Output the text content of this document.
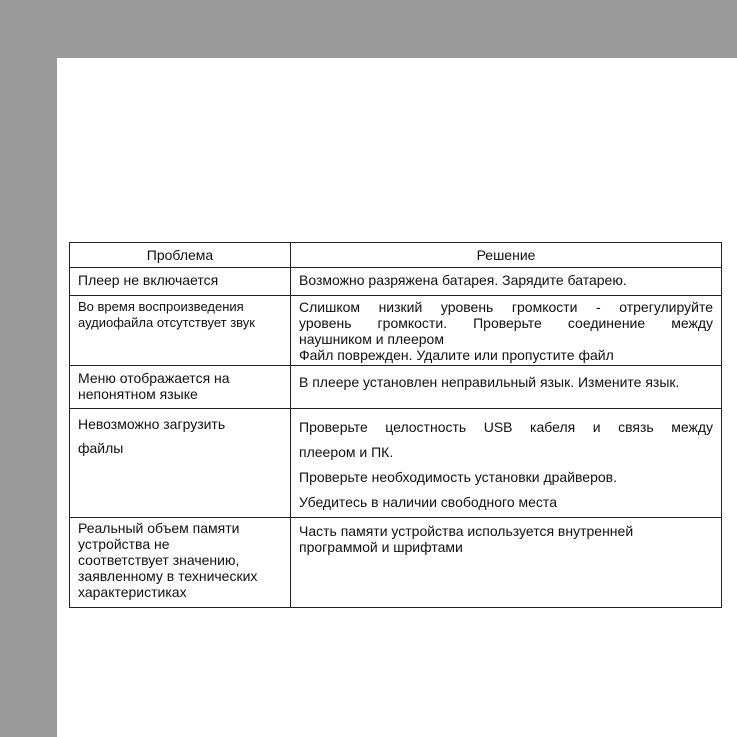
Проблема	Решение

Плеер не включается	Возможно разряжена батарея. Зарядите батарею.

Во время воспроизведения
аудиофайла отсутствует звук	Слишком низкий уровень громкости - отрегулируйте
уровень громкости. Проверьте соединение между
наушником и плеером
Файл поврежден. Удалите или пропустите файл

Меню отображается на
непонятном языке	В плеере установлен неправильный язык. Измените язык.

Невозможно загрузить
файлы	Проверьте целостность USB кабеля и связь между
плеером и ПК.
Проверьте необходимость установки драйверов.
Убедитесь в наличии свободного места

Реальный объем памяти
устройства не
соответствует значению,
заявленному в технических
характеристиках	Часть памяти устройства используется внутренней
программой и шрифтами
